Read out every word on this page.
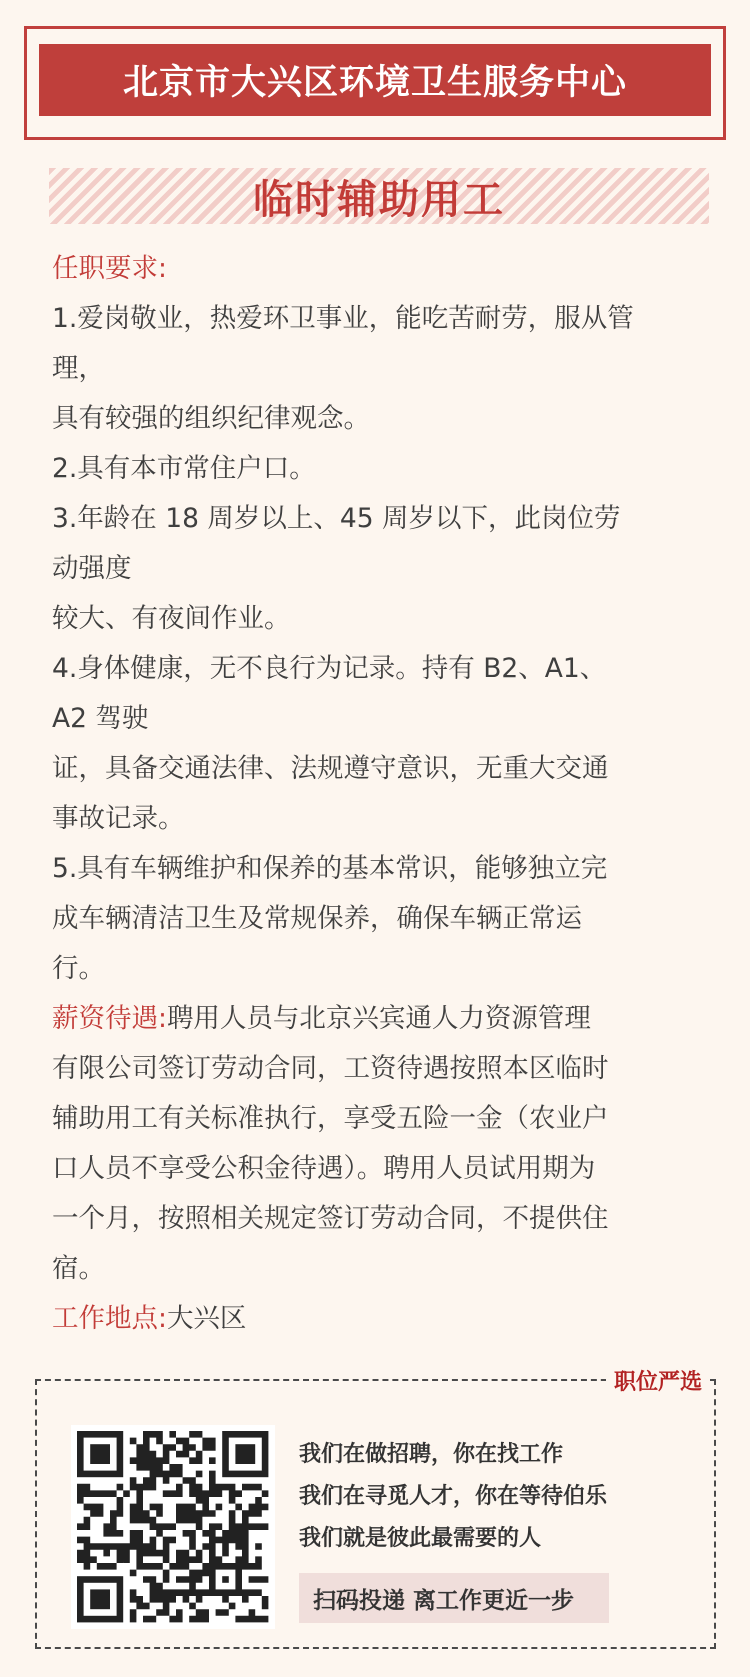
北京市大兴区环境卫生服务中心
临时辅助用工

任职要求:

1.爱岗敬业，热爱环卫事业，能吃苦耐劳，服从管

理，

具有较强的组织纪律观念。

2.具有本市常住户口。

3.年龄在 18 周岁以上、45 周岁以下，此岗位劳

动强度

较大、有夜间作业。

4.身体健康，无不良行为记录。持有 B2、A1、

A2 驾驶

证，具备交通法律、法规遵守意识，无重大交通

事故记录。

5.具有车辆维护和保养的基本常识，能够独立完

成车辆清洁卫生及常规保养，确保车辆正常运

行。

薪资待遇:聘用人员与北京兴宾通人力资源管理

有限公司签订劳动合同，工资待遇按照本区临时

辅助用工有关标准执行，享受五险一金（农业户

口人员不享受公积金待遇）。聘用人员试用期为

一个月，按照相关规定签订劳动合同，不提供住

宿。

工作地点:大兴区

职位严选
我们在做招聘，你在找工作
我们在寻觅人才，你在等待伯乐
我们就是彼此最需要的人
扫码投递 离工作更近一步
